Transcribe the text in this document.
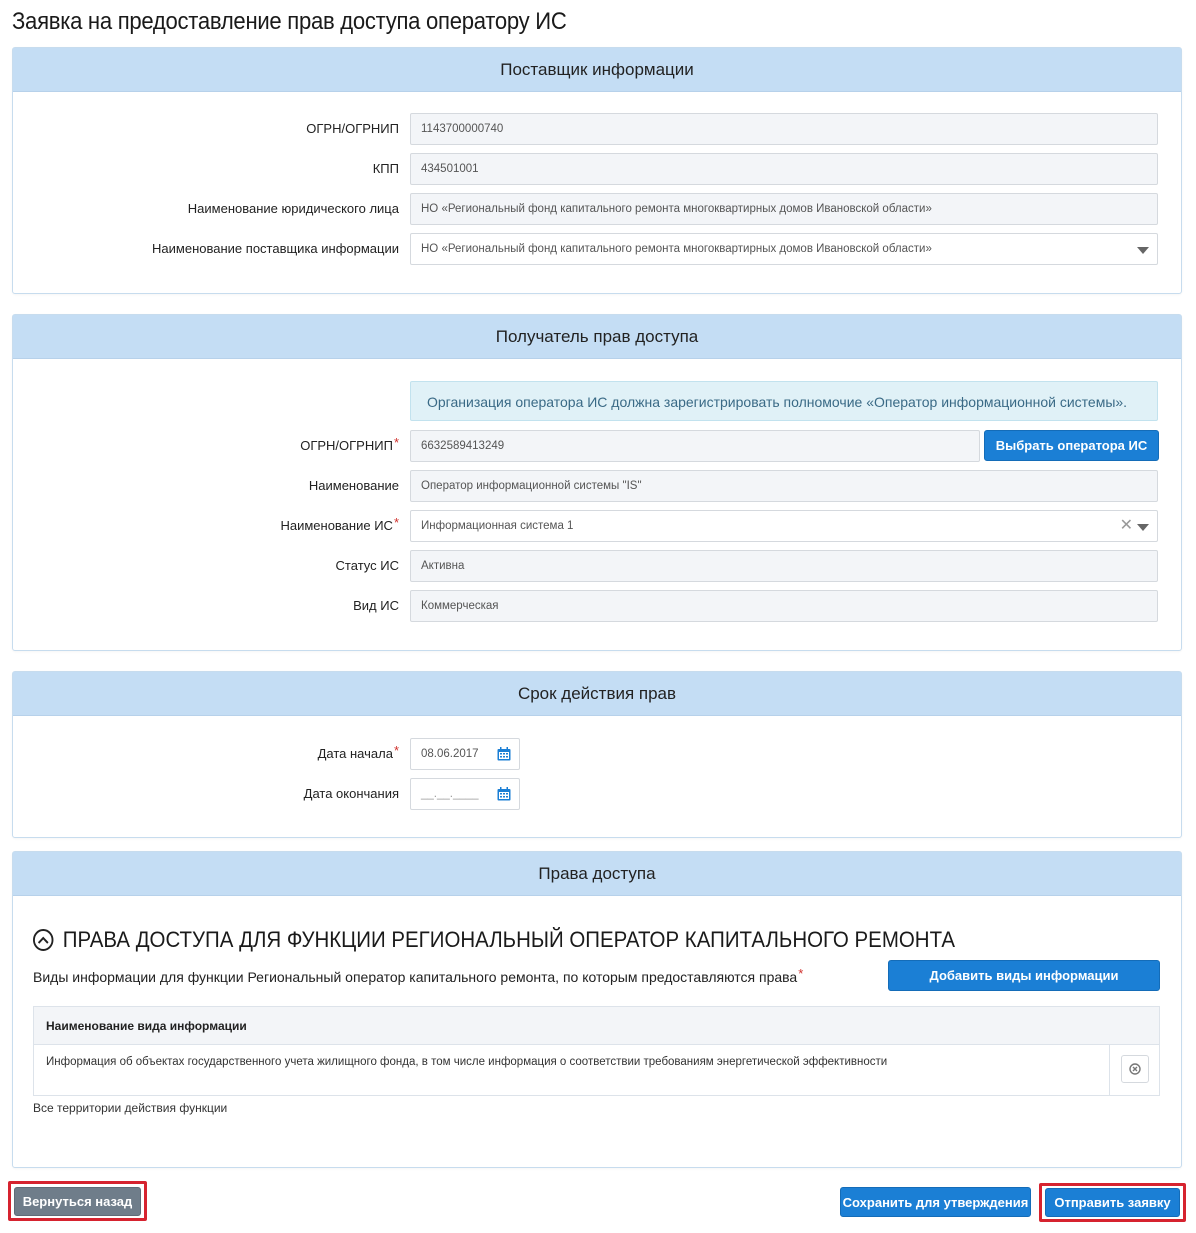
Заявка на предоставление прав доступа оператору ИС
Поставщик информации
ОГРН/ОГРНИП	1143700000740
КПП	434501001
Наименование юридического лица	НО «Региональный фонд капитального ремонта многоквартирных домов Ивановской области»
Наименование поставщика информации	НО «Региональный фонд капитального ремонта многоквартирных домов Ивановской области»
Получатель прав доступа
Организация оператора ИС должна зарегистрировать полномочие «Оператор информационной системы».
ОГРН/ОГРНИП*	6632589413249	Выбрать оператора ИС
Наименование	Оператор информационной системы "IS"
Наименование ИС*	Информационная система 1	✕
Статус ИС	Активна
Вид ИС	Коммерческая
Срок действия прав
Дата начала*	08.06.2017
Дата окончания	__.__.____
Права доступа
ПРАВА ДОСТУПА ДЛЯ ФУНКЦИИ РЕГИОНАЛЬНЫЙ ОПЕРАТОР КАПИТАЛЬНОГО РЕМОНТА
Виды информации для функции Региональный оператор капитального ремонта, по которым предоставляются права*	Добавить виды информации
Наименование вида информации
Информация об объектах государственного учета жилищного фонда, в том числе информация о соответствии требованиям энергетической эффективности
Все территории действия функции
Вернуться назад	Сохранить для утверждения	Отправить заявку
